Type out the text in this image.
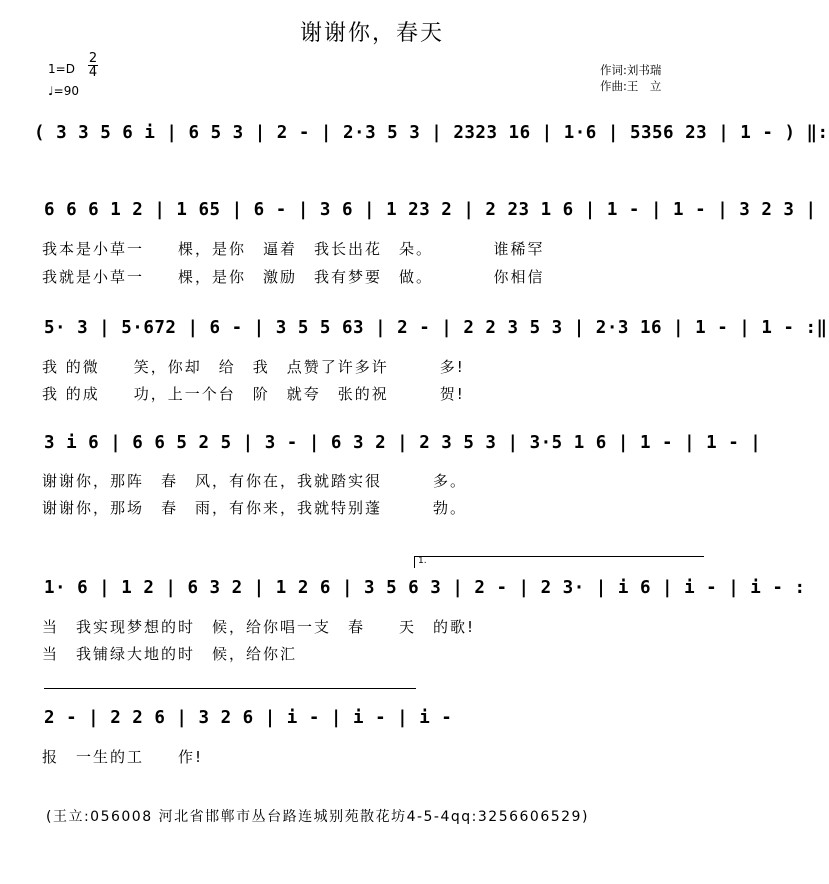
谢谢你，春天
1=D
2
4
♩=90
作词:刘书瑞
作曲:王　立
( 3 3 5 6 i | 6 5 3 | 2 - | 2·3 5 3 | 2323 16 | 1·6 | 5356 23 | 1 - ) ‖:
6 6 6 1 2 | 1 65 | 6 - | 3 6 | 1 23 2 | 2 23 1 6 | 1 - | 1 - | 3 2 3 |
我本是小草一　　棵，是你　逼着　我长出花　朵。　　　　谁稀罕
我就是小草一　　棵，是你　激励　我有梦要　做。　　　　你相信
5· 3 | 5·672 | 6 - | 3 5 5 63 | 2 - | 2 2 3 5 3 | 2·3 16 | 1 - | 1 - :‖
我 的微　　笑，你却　给　我　点赞了许多许　　　多!
我 的成　　功，上一个台　阶　就夸　张的祝　　　贺!
3 i 6 | 6 6 5 2 5 | 3 - | 6 3 2 | 2 3 5 3 | 3·5 1 6 | 1 - | 1 - |
谢谢你，那阵　春　风，有你在，我就踏实很　　　多。
谢谢你，那场　春　雨，有你来，我就特别蓬　　　勃。
1.
1· 6 | 1 2 | 6 3 2 | 1 2 6 | 3 5 6 3 | 2 - | 2 3· | i 6 | i - | i - :
当　我实现梦想的时　候，给你唱一支　春　　天　的歌!
当　我铺绿大地的时　候，给你汇
2 - | 2 2 6 | 3 2 6 | i - | i - | i -
报　一生的工　　作!
(王立:056008 河北省邯郸市丛台路连城别苑散花坊4-5-4qq:3256606529)
